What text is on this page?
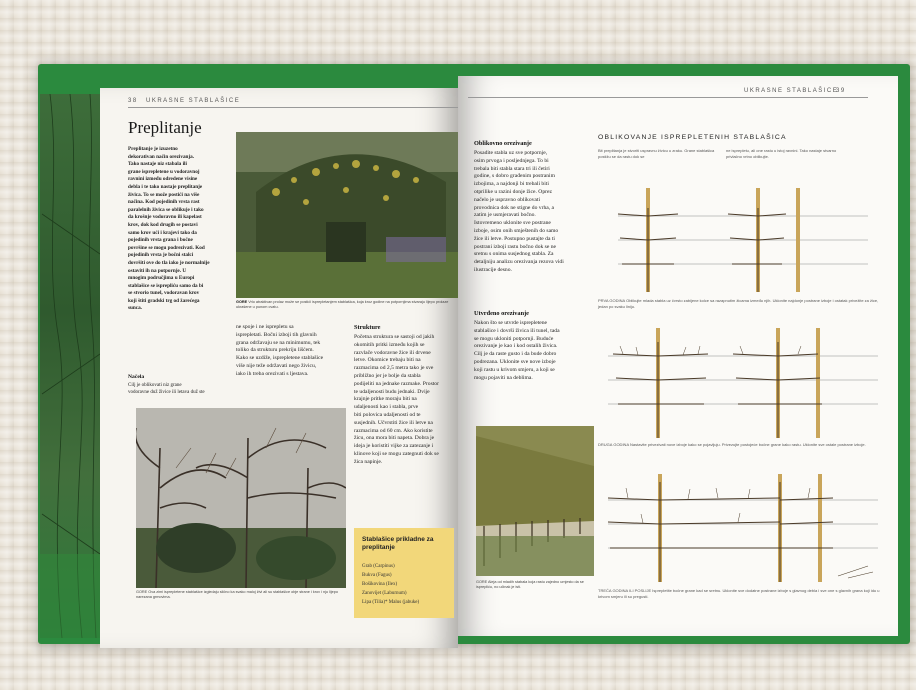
38 UKRASNE STABLAŠICE
Preplitanje
Preplitanje je izuzetno
dekorativan način orezivanja.
Tako nastaje niz stabala ili
grane isprepletene u vodoravnoj
ravnini između odredene visine
debla i te tako nastaje preplitanje
živica. To se može postići na više
načina. Kod pojedinih vrsta rast
paralelnih živica se oblikuje i tako
da krošnje vodoravno ili kapelast
krov, dok kod drugih se postavi
samo krov ući i krajevi tako da
pojedinih vrsta grana i bočne
površine se mogu podrezivati. Kod
pojedinih vrsta je bočni stalci
dovršiti ove do tla iako je normalnije
ostaviti ih na potpornje. U
mnogim područjima u Europi
stablašice se isprepliću samo da bi
se stvorio tunel, vodoravan krov
koji štiti gradski trg od žarećega
sunca.
GORE Vrlo atraktivan prolaz može se postići isprepletanjem stablašica, koja kroz godine na potpornjima stvaraju lijepo prolaze ukrašene u punom cvatu.
Načela
Cilj je oblikovati niz grane
vodoravne duž živice ili letava duž ste
ne spoje i ne isprepletu sa
isprepletati. Bočni izboji tih glavnih
grana održavaju se na minimumu, tek
toliko da strukturu prekriju lišćem.
Kako se uzdiže, isprepletene stablašice
više nije teže održavati nego živicu,
iako ih treba orezivati s ljestava.
Strukture
Početna struktura se sastoji od jakih
okomitih pritki između kojih se
razvlače vodoravne žice ili drvene
letve. Okomice trebaju biti na
razmacima od 2,5 metra tako je sve
približno jer je bolje da stabla
podijeliti na jednake razmake. Prostor
te udaljenosti budu jednaki. Dvije
krajnje pritke moraju biti na
udaljenosti kao i stabla, prve
biti polovica udaljenosti od te
susjednih. Učvrstiti žice ili letve na
razmacima od 60 cm. Ako koristite
žicu, ona mora biti napeta. Dobra je
ideja je koristiti vijke za zatezanje i
klinove koji se mogu zategnuti dok se
žica napinje.
GORE Ova zimi isprepletene stablašice izgledaju slično ka svako maloj živi ali su stablašice obje strane i krov i nju lijepo narezana grmovima.
Stablašice prikladne za preplitanje
Grab (Carpinus)
Bukva (Fagus)
Bošikovina (Ilex)
Zanovijet (Laburnum)
Lipa (Tilia)* Malus (jabuke)
UKRASNE STABLAŠICE
39
Oblikovno orezivanje
Posadite stabla uz sve potpornje,
osim prvoga i posljednjega. To bi
trebala biti stabla stara tri ili četiri
godine, s dobro građenim postranim
izbojima, a najdonji bi trebali biti
otprilike u razini donje žice. Oprez
načelo je uspravno oblikovati
provodnica dok ne stigne do vrha, a
zatim je usmjeravati bočno.
Istovremeno uklonite sve postrane
izboje, osim onih smještenih do samo
žice ili letve. Postupno pustajte da ti
postrani izboji rastu bočno dok se ne
sretnu s onima susjednog stabla. Za
detaljniju analizu orezivanja rezova vidi
ilustracije desno.
Utvrđeno orezivanje
Nakon što se utvrde isprepletene
stablašice i dovrši živica ili tunel, tada
se mogu ukloniti potpornji. Buduće
orezivanje je kao i kod ostalih živica.
Cilj je da raste gusto i da bude dobro
podrezana. Uklonite sve nove izboje
koji rastu u krivom smjeru, a koji se
mogu pojaviti na deblima.
GORE Aleja od mladih stabala koja rastu zajedno umjesto da se isprepliću, no učinak je isti.
OBLIKOVANJE ISPREPLETENIH STABLAŠICA
Bit preplitanja je stvoriti uspravnu živicu u zraku. Grane stablašica postižu se da rastu dok se
ne isprepletu, ali one rastu u istoj ravnini. Tako nastaje stvarno privlačno vrtno oblikujte.
PRVA GODINA Oblikujte mlada stabla uz čvrsto zabijene kolce sa razapnutim žicama između njih. Uklonite najdonje postrane izboje i ostatak privežite za žice, jedan po svaku liniju.
DRUGA GODINA Nastavite privezivati nove izboje kako se pojavljuju. Privezujte postojeće bočne grane kako rastu. Uklonite sve ostale postrane izboje.
TREĆA GODINA ILI POSLIJE Isprepletite bočne grane kad se sretnu. Uklonite sve dodatne postrane izboje s glavnog debla i sve one s glavnih grana koji idu u krivom smjeru ili su pregusti.
